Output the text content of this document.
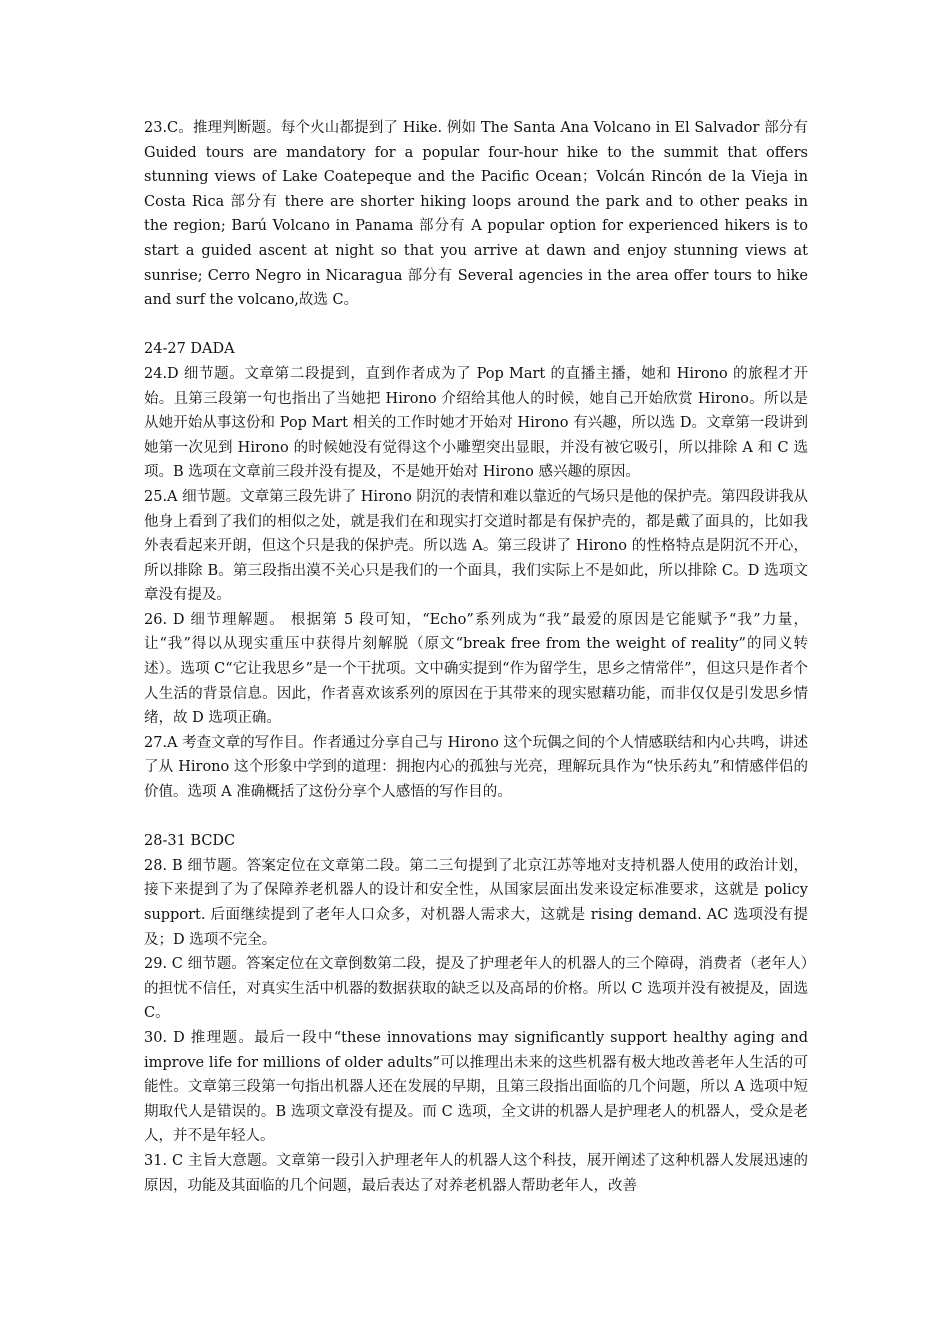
23.C。推理判断题。每个火山都提到了 Hike. 例如 The Santa Ana Volcano in El Salvador 部分有 Guided tours are mandatory for a popular four-hour hike to the summit that offers stunning views of Lake Coatepeque and the Pacific Ocean；Volcán Rincón de la Vieja in Costa Rica 部分有 there are shorter hiking loops around the park and to other peaks in the region; Barú Volcano in Panama 部分有 A popular option for experienced hikers is to start a guided ascent at night so that you arrive at dawn and enjoy stunning views at sunrise; Cerro Negro in Nicaragua 部分有 Several agencies in the area offer tours to hike and surf the volcano,故选 C。

24-27 DADA

24.D 细节题。文章第二段提到，直到作者成为了 Pop Mart 的直播主播，她和 Hirono 的旅程才开始。且第三段第一句也指出了当她把 Hirono 介绍给其他人的时候，她自己开始欣赏 Hirono。所以是从她开始从事这份和 Pop Mart 相关的工作时她才开始对 Hirono 有兴趣，所以选 D。文章第一段讲到她第一次见到 Hirono 的时候她没有觉得这个小雕塑突出显眼，并没有被它吸引，所以排除 A 和 C 选项。B 选项在文章前三段并没有提及，不是她开始对 Hirono 感兴趣的原因。

25.A 细节题。文章第三段先讲了 Hirono 阴沉的表情和难以靠近的气场只是他的保护壳。第四段讲我从他身上看到了我们的相似之处，就是我们在和现实打交道时都是有保护壳的，都是戴了面具的，比如我外表看起来开朗，但这个只是我的保护壳。所以选 A。第三段讲了 Hirono 的性格特点是阴沉不开心，所以排除 B。第三段指出漠不关心只是我们的一个面具，我们实际上不是如此，所以排除 C。D 选项文章没有提及。

26. D 细节理解题。 根据第 5 段可知，“Echo”系列成为“我”最爱的原因是它能赋予“我”力量，让“我”得以从现实重压中获得片刻解脱（原文“break free from the weight of reality”的同义转述）。选项 C“它让我思乡”是一个干扰项。文中确实提到“作为留学生，思乡之情常伴”，但这只是作者个人生活的背景信息。因此，作者喜欢该系列的原因在于其带来的现实慰藉功能，而非仅仅是引发思乡情绪，故 D 选项正确。

27.A 考查文章的写作目。作者通过分享自己与 Hirono 这个玩偶之间的个人情感联结和内心共鸣，讲述了从 Hirono 这个形象中学到的道理：拥抱内心的孤独与光亮，理解玩具作为“快乐药丸”和情感伴侣的价值。选项 A 准确概括了这份分享个人感悟的写作目的。

28-31 BCDC

28. B 细节题。答案定位在文章第二段。第二三句提到了北京江苏等地对支持机器人使用的政治计划，接下来提到了为了保障养老机器人的设计和安全性，从国家层面出发来设定标准要求，这就是 policy support. 后面继续提到了老年人口众多，对机器人需求大，这就是 rising demand. AC 选项没有提及；D 选项不完全。

29. C 细节题。答案定位在文章倒数第二段，提及了护理老年人的机器人的三个障碍，消费者（老年人）的担忧不信任，对真实生活中机器的数据获取的缺乏以及高昂的价格。所以 C 选项并没有被提及，固选 C。

30. D 推理题。最后一段中“these innovations may significantly support healthy aging and improve life for millions of older adults”可以推理出未来的这些机器有极大地改善老年人生活的可能性。文章第三段第一句指出机器人还在发展的早期，且第三段指出面临的几个问题，所以 A 选项中短期取代人是错误的。B 选项文章没有提及。而 C 选项，全文讲的机器人是护理老人的机器人，受众是老人，并不是年轻人。

31. C 主旨大意题。文章第一段引入护理老年人的机器人这个科技，展开阐述了这种机器人发展迅速的原因，功能及其面临的几个问题，最后表达了对养老机器人帮助老年人，改善
